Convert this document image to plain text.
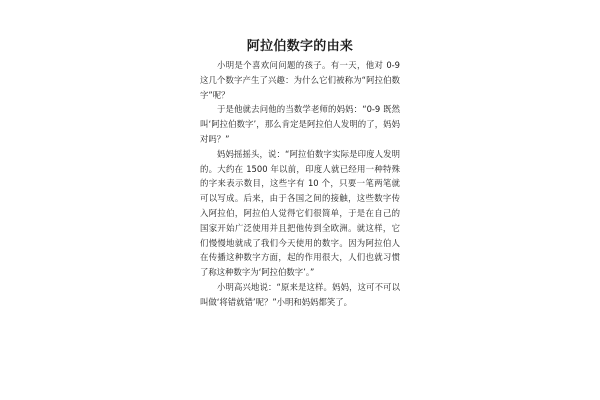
阿拉伯数字的由来

小明是个喜欢问问题的孩子。有一天，他对 0-9 这几个数字产生了兴趣：为什么它们被称为“阿拉伯数字”呢？

于是他就去问他的当数学老师的妈妈：“0-9 既然叫‘阿拉伯数字’，那么肯定是阿拉伯人发明的了，妈妈对吗？”

妈妈摇摇头，说：“阿拉伯数字实际是印度人发明的。大约在 1500 年以前，印度人就已经用一种特殊的字来表示数目，这些字有 10 个，只要一笔两笔就可以写成。后来，由于各国之间的接触，这些数字传入阿拉伯，阿拉伯人觉得它们很简单，于是在自己的国家开始广泛使用并且把他传到全欧洲。就这样，它们慢慢地就成了我们今天使用的数字。因为阿拉伯人在传播这种数字方面，起的作用很大，人们也就习惯了称这种数字为‘阿拉伯数字’。”

小明高兴地说：“原来是这样。妈妈，这可不可以叫做‘将错就错’呢？”小明和妈妈都笑了。
